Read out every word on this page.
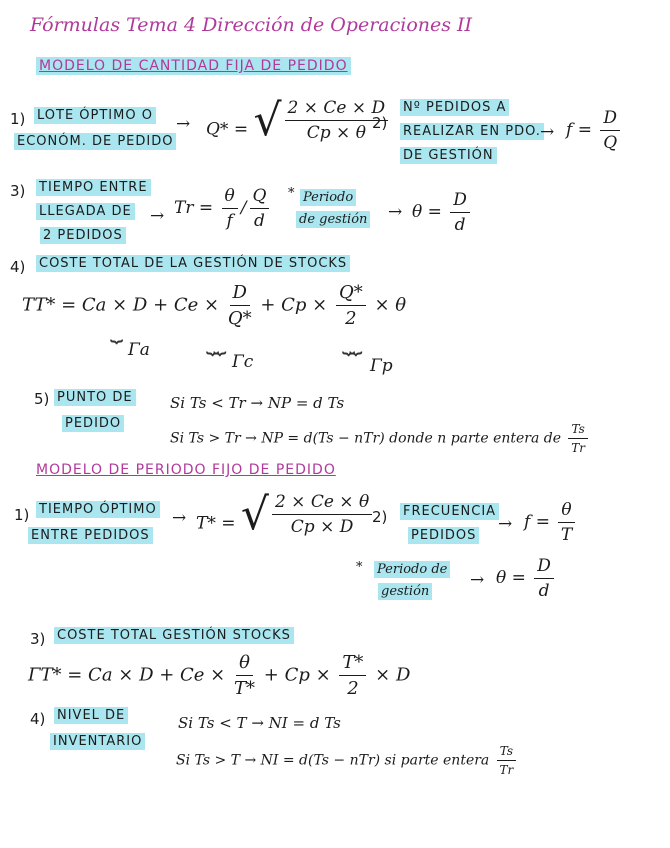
Fórmulas Tema 4 Dirección de Operaciones II
MODELO DE CANTIDAD FIJA DE PEDIDO
1) LOTE ÓPTIMO O
ECONÓM. DE PEDIDO
→ Q* = √ $\frac{2 \times Ce \times D}{Cp \times \theta}$
2)
Nº PEDIDOS A
REALIZAR EN PDO.
DE GESTIÓN
→ $f = \frac{D}{Q}$
3) TIEMPO ENTRE
LLEGADA DE
2 PEDIDOS
→ $Tr = \frac{\theta}{f} / \frac{Q}{d}$ * Periodo
de gestión → $\theta = \frac{D}{d}$
4) COSTE TOTAL DE LA GESTIÓN DE STOCKS
$TT* = Ca \times D + Ce \times \frac{D}{Q*} + Cp \times \frac{Q*}{2} \times \theta$
⏟
Γa	⏟⏟
Γc
⏟⏟
Γp
5) PUNTO DE
PEDIDO
Si Ts < Tr → NP = d Ts
Si Ts > Tr → NP = d(Ts − nTr) donde n parte entera de $\frac{Ts}{Tr}$
MODELO DE PERIODO FIJO DE PEDIDO
1) TIEMPO ÓPTIMO
ENTRE PEDIDOS
→ T* = √ $\frac{2 \times Ce \times \theta}{Cp \times D} 2$) FRECUENCIA
PEDIDOS
→ $f = \frac{\theta}{T}$
* Periodo de
gestión
→ $\theta = \frac{D}{d}$
3) COSTE TOTAL GESTIÓN STOCKS
$\Gamma T* = Ca \times D + Ce \times \frac{\theta}{T*} + Cp \times \frac{T*}{2} \times D$
4) NIVEL DE
INVENTARIO
Si Ts < T → NI = d Ts
Si Ts > T → NI = d(Ts − nTr) si parte entera $\frac{Ts}{Tr}$
